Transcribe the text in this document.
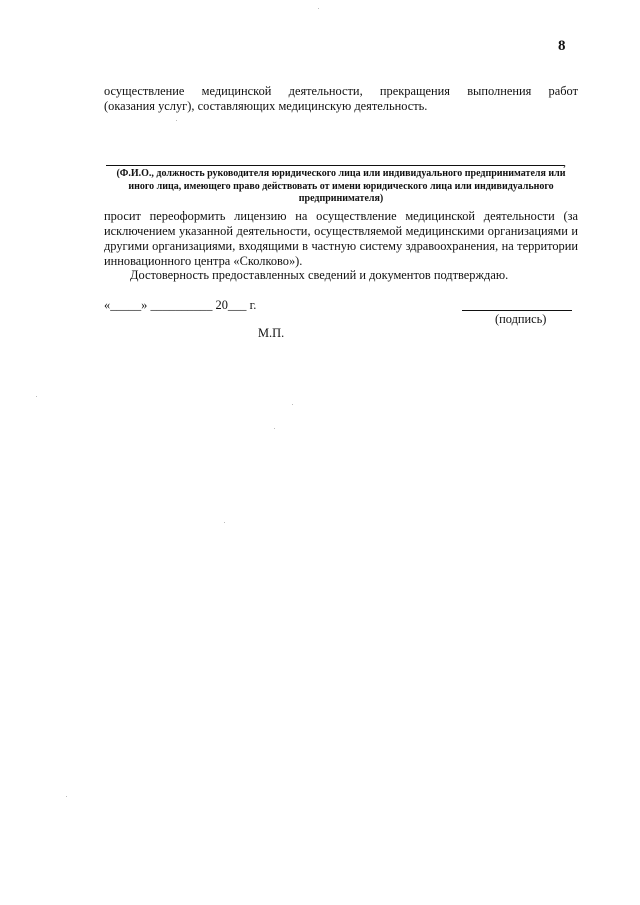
8
осуществление медицинской деятельности, прекращения выполнения работ
(оказания услуг), составляющих медицинскую деятельность.
,
(Ф.И.О., должность руководителя юридического лица или индивидуального предпринимателя или иного лица, имеющего право действовать от имени юридического лица или индивидуального предпринимателя)
просит переоформить лицензию на осуществление медицинской деятельности (за исключением указанной деятельности, осуществляемой медицинскими организациями и другими организациями, входящими в частную систему здравоохранения, на территории инновационного центра «Сколково»).
Достоверность предоставленных сведений и документов подтверждаю.
«_____» __________ 20___ г.
(подпись)
М.П.
